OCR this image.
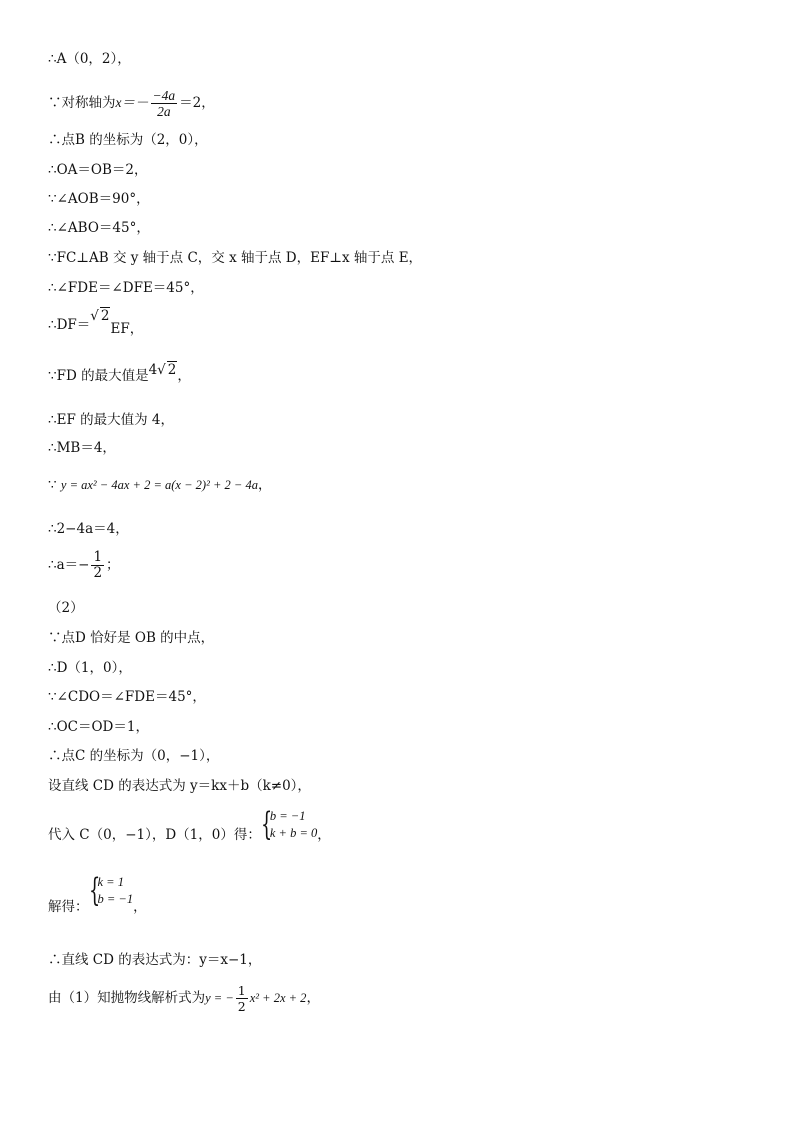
∴A（0，2），
∵对称轴为$x=- \frac{-4a}{2a} =2$，
∴点B 的坐标为（2，0），
∴OA＝OB＝2，
∵∠AOB＝90°，
∴∠ABO＝45°，
∵FC⊥AB 交 y 轴于点 C，交 x 轴于点 D，EF⊥x 轴于点 E，
∴∠FDE＝∠DFE＝45°，
∴DF＝√ 2EF，
∵FD 的最大值是4√ 2，
∴EF 的最大值为 4，
∴MB＝4，
∵ y = ax² − 4ax + 2 = a(x − 2)² + 2 − 4a，
∴2−4a＝4，
∴a＝− $\frac{1}{2}$ ；
（2）
∵点D 恰好是 OB 的中点，
∴D（1，0），
∵∠CDO＝∠FDE＝45°，
∴OC＝OD＝1，
∴点C 的坐标为（0，−1），
设直线 CD 的表达式为 y＝kx＋b（k≠0），
代入 C（0，−1），D（1，0）得： {
b = −1
k + b = 0 ，
解得： {
k = 1
b = −1 ，
∴直线 CD 的表达式为：y＝x−1，
由（1）知抛物线解析式为y = − $\frac{1}{2} x^2 + 2x + 2$，
